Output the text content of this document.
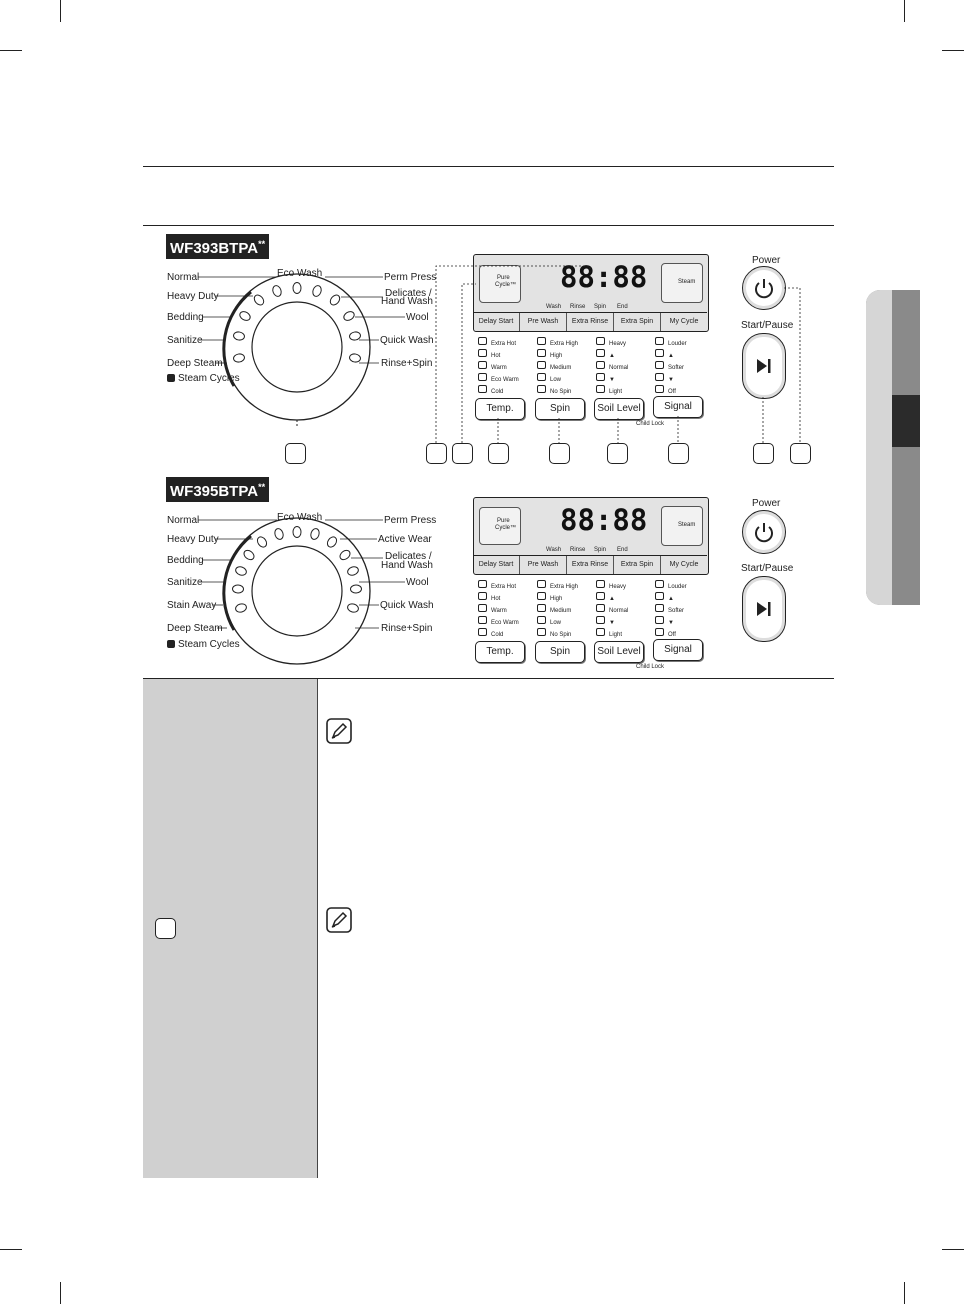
WF393BTPA**
Eco Wash
Normal
Heavy Duty
Bedding
Sanitize
Deep Steam
Steam Cycles
Perm Press
Delicates /
Hand Wash
Wool
Quick Wash
Rinse+Spin
Pure
Cycle™ 88:88	Steam
Wash Rinse Spin End
Delay Start	Pre Wash	Extra Rinse	Extra Spin	My Cycle
Extra Hot
Hot
Warm
Eco Warm
Cold
Extra High
High
Medium
Low
No Spin
Heavy
▲
Normal
▼
Light
Louder
▲
Softer
▼
Off
Temp.	Spin	Soil Level	Signal
Child Lock
Power
Start/Pause
WF395BTPA**
Eco Wash
Normal
Heavy Duty
Bedding
Sanitize
Stain Away
Deep Steam
Steam Cycles
Perm Press
Active Wear
Delicates /
Hand Wash
Wool
Quick Wash
Rinse+Spin
Pure
Cycle™ 88:88	Steam
Wash Rinse Spin End
Delay Start	Pre Wash	Extra Rinse	Extra Spin	My Cycle
Extra Hot
Hot
Warm
Eco Warm
Cold
Extra High
High
Medium
Low
No Spin
Heavy
▲
Normal
▼
Light
Louder
▲
Softer
▼
Off
Temp.	Spin	Soil Level	Signal
Child Lock
Power
Start/Pause
